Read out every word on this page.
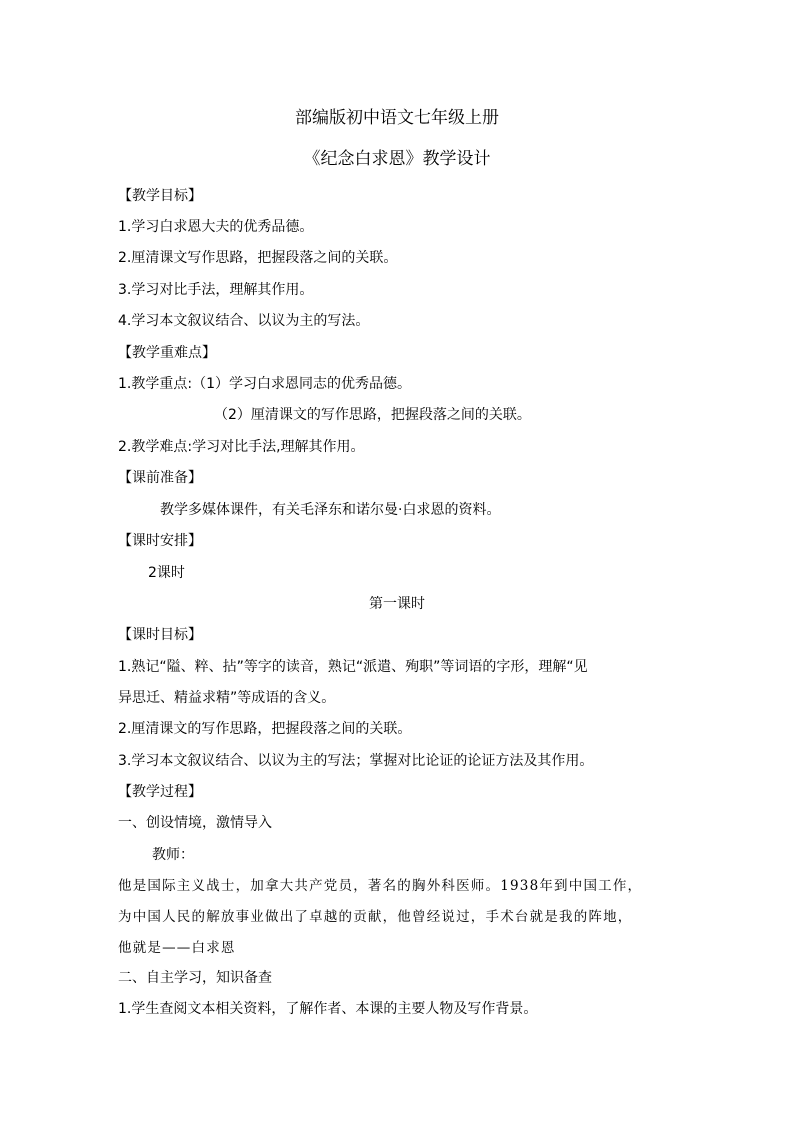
部编版初中语文七年级上册
《纪念白求恩》教学设计
【教学目标】
1.学习白求恩大夫的优秀品德。
2.厘清课文写作思路，把握段落之间的关联。
3.学习对比手法，理解其作用。
4.学习本文叙议结合、以议为主的写法。
【教学重难点】
1.教学重点:（1）学习白求恩同志的优秀品德。
（2）厘清课文的写作思路，把握段落之间的关联。
2.教学难点:学习对比手法,理解其作用。
【课前准备】
教学多媒体课件，有关毛泽东和诺尔曼·白求恩的资料。
【课时安排】
2课时
第一课时
【课时目标】
1.熟记“隘、粹、拈”等字的读音，熟记“派遣、殉职”等词语的字形，理解“见
异思迁、精益求精”等成语的含义。
2.厘清课文的写作思路，把握段落之间的关联。
3.学习本文叙议结合、以议为主的写法；掌握对比论证的论证方法及其作用。
【教学过程】
一、创设情境，激情导入
教师：
他是国际主义战士，加拿大共产党员，著名的胸外科医师。1938年到中国工作，
为中国人民的解放事业做出了卓越的贡献，他曾经说过，手术台就是我的阵地，
他就是——白求恩
二、自主学习，知识备查
1.学生查阅文本相关资料，了解作者、本课的主要人物及写作背景。
